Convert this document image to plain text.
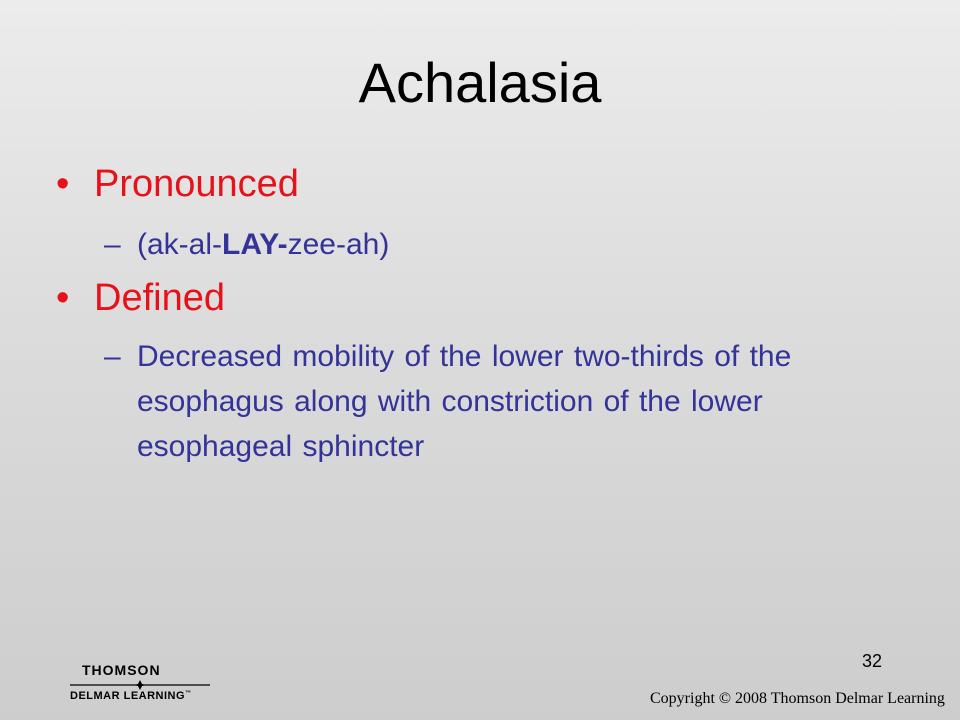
Achalasia
• Pronounced
– (ak-al-LAY-zee-ah)
• Defined
– Decreased mobility of the lower two-thirds of the esophagus along with constriction of the lower esophageal sphincter
32
THOMSON
DELMAR LEARNING™	Copyright © 2008 Thomson Delmar Learning
